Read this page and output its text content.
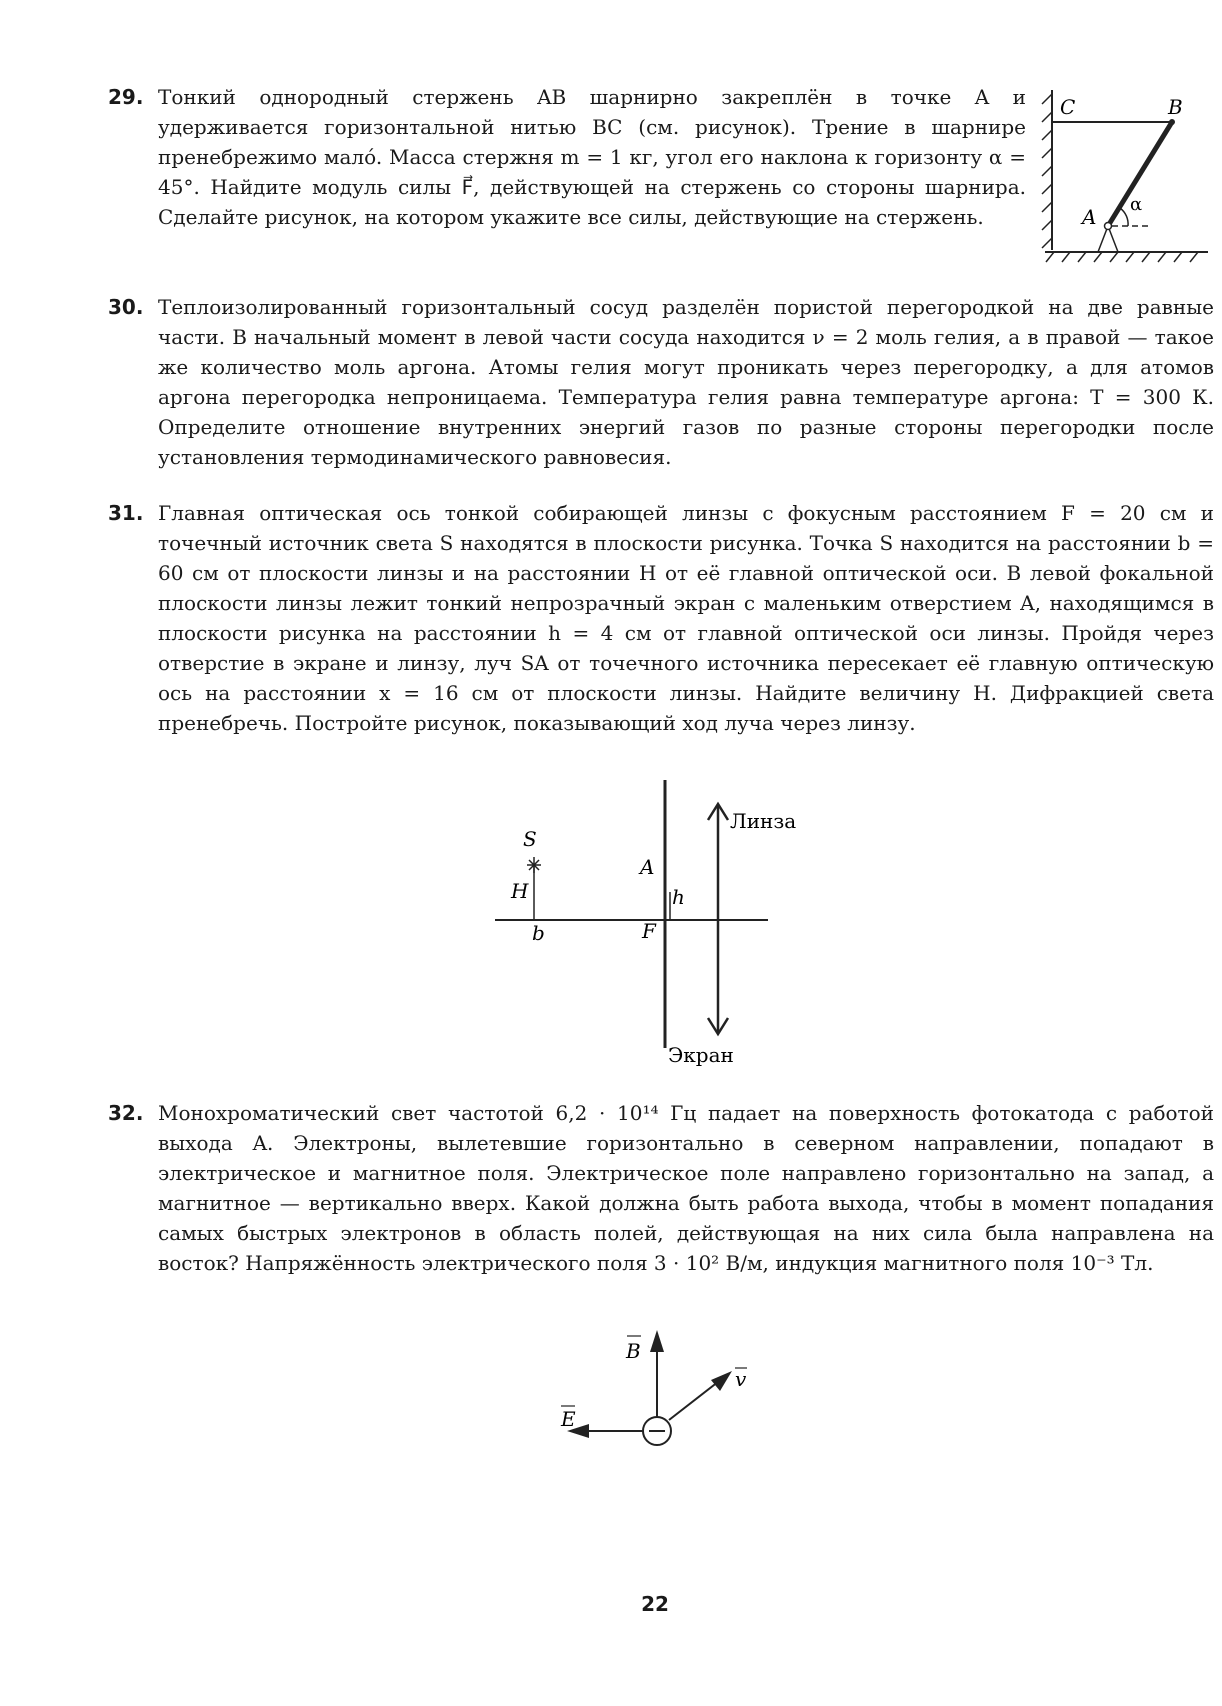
29. Тонкий однородный стержень AB шарнирно закреплён в точке A и удерживается горизонтальной нитью BC (см. рисунок). Трение в шарнире пренебрежимо малó. Масса стержня m = 1 кг, угол его наклона к горизонту α = 45°. Найдите модуль силы F⃗, действующей на стержень со стороны шарнира. Сделайте рисунок, на котором укажите все силы, действующие на стержень.
C	B
A
α
30. Теплоизолированный горизонтальный сосуд разделён пористой перегородкой на две равные части. В начальный момент в левой части сосуда находится ν = 2 моль гелия, а в правой — такое же количество моль аргона. Атомы гелия могут проникать через перегородку, а для атомов аргона перегородка непроницаема. Температура гелия равна температуре аргона: T = 300 К. Определите отношение внутренних энергий газов по разные стороны перегородки после установления термодинамического равновесия.
31. Главная оптическая ось тонкой собирающей линзы с фокусным расстоянием F = 20 см и точечный источник света S находятся в плоскости рисунка. Точка S находится на расстоянии b = 60 см от плоскости линзы и на расстоянии H от её главной оптической оси. В левой фокальной плоскости линзы лежит тонкий непрозрачный экран с маленьким отверстием A, находящимся в плоскости рисунка на расстоянии h = 4 см от главной оптической оси линзы. Пройдя через отверстие в экране и линзу, луч SA от точечного источника пересекает её главную оптическую ось на расстоянии x = 16 см от плоскости линзы. Найдите величину H. Дифракцией света пренебречь. Постройте рисунок, показывающий ход луча через линзу.
S
H
b
A
h
F
Линза
Экран
32. Монохроматический свет частотой 6,2 · 10¹⁴ Гц падает на поверхность фотокатода с работой выхода A. Электроны, вылетевшие горизонтально в северном направлении, попадают в электрическое и магнитное поля. Электрическое поле направлено горизонтально на запад, а магнитное — вертикально вверх. Какой должна быть работа выхода, чтобы в момент попадания самых быстрых электронов в область полей, действующая на них сила была направлена на восток? Напряжённость электрического поля 3 · 10² В/м, индукция магнитного поля 10⁻³ Тл.
B
E
v
22
